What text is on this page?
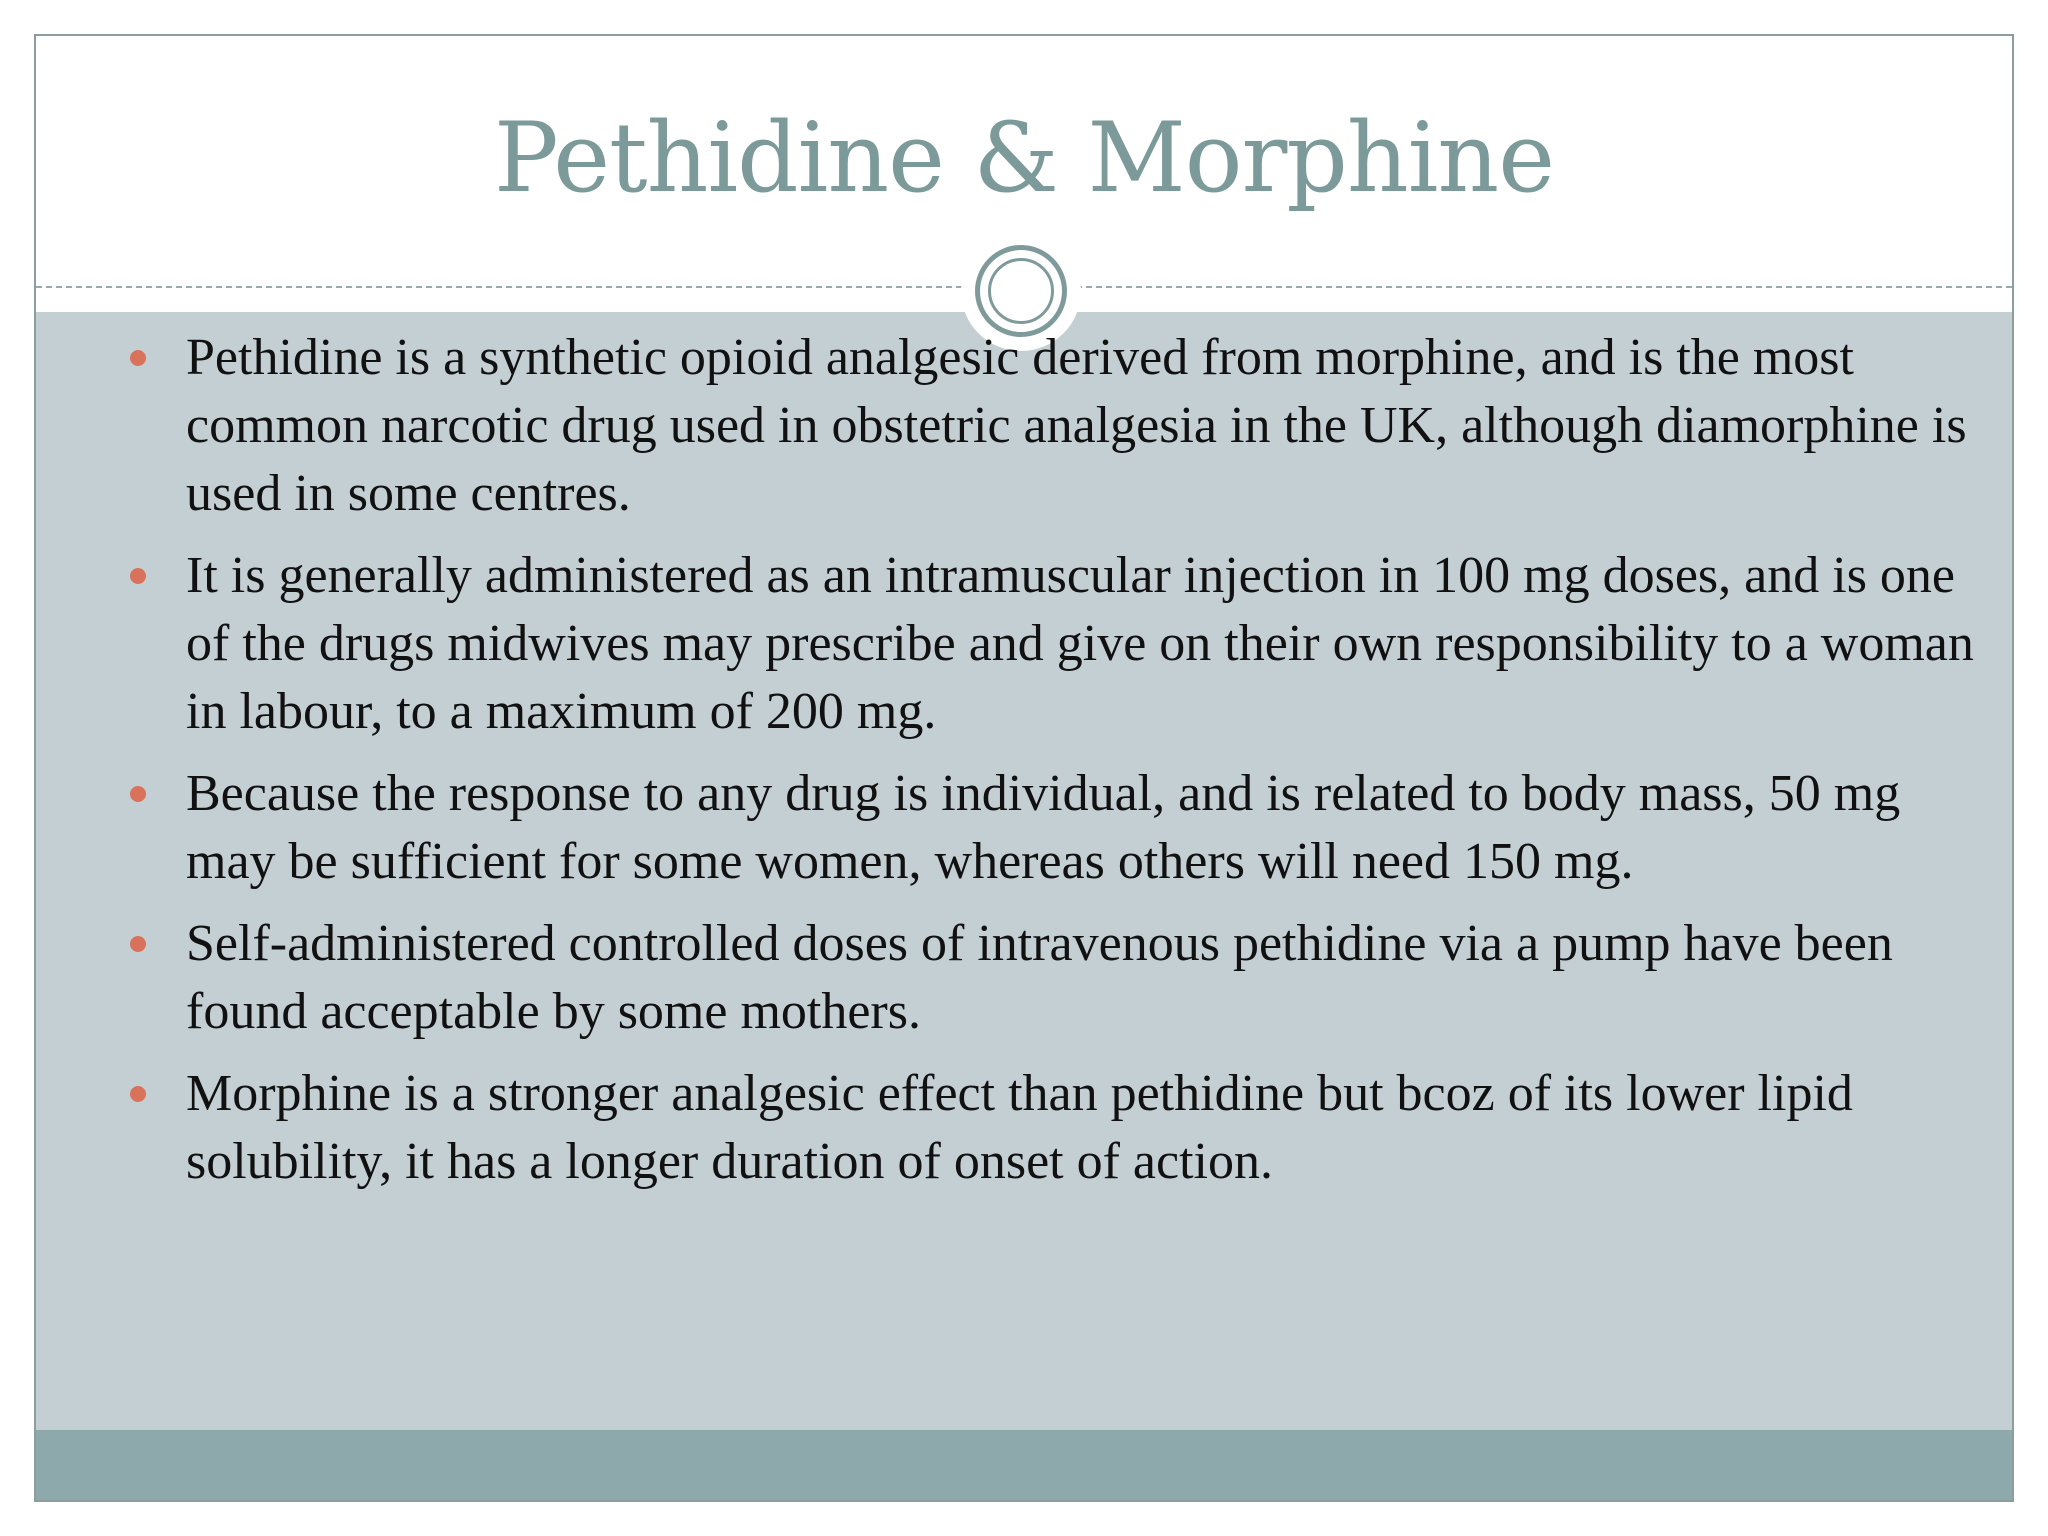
Pethidine & Morphine
Pethidine is a synthetic opioid analgesic derived from morphine, and is the most common narcotic drug used in obstetric analgesia in the UK, although diamorphine is used in some centres.
It is generally administered as an intramuscular injection in 100 mg doses, and is one of the drugs midwives may prescribe and give on their own responsibility to a woman in labour, to a maximum of 200 mg.
Because the response to any drug is individual, and is related to body mass, 50 mg may be sufficient for some women, whereas others will need 150 mg.
Self-administered controlled doses of intravenous pethidine via a pump have been found acceptable by some mothers.
Morphine is a stronger analgesic effect than pethidine but bcoz of its lower lipid solubility, it has a longer duration of onset of action.
